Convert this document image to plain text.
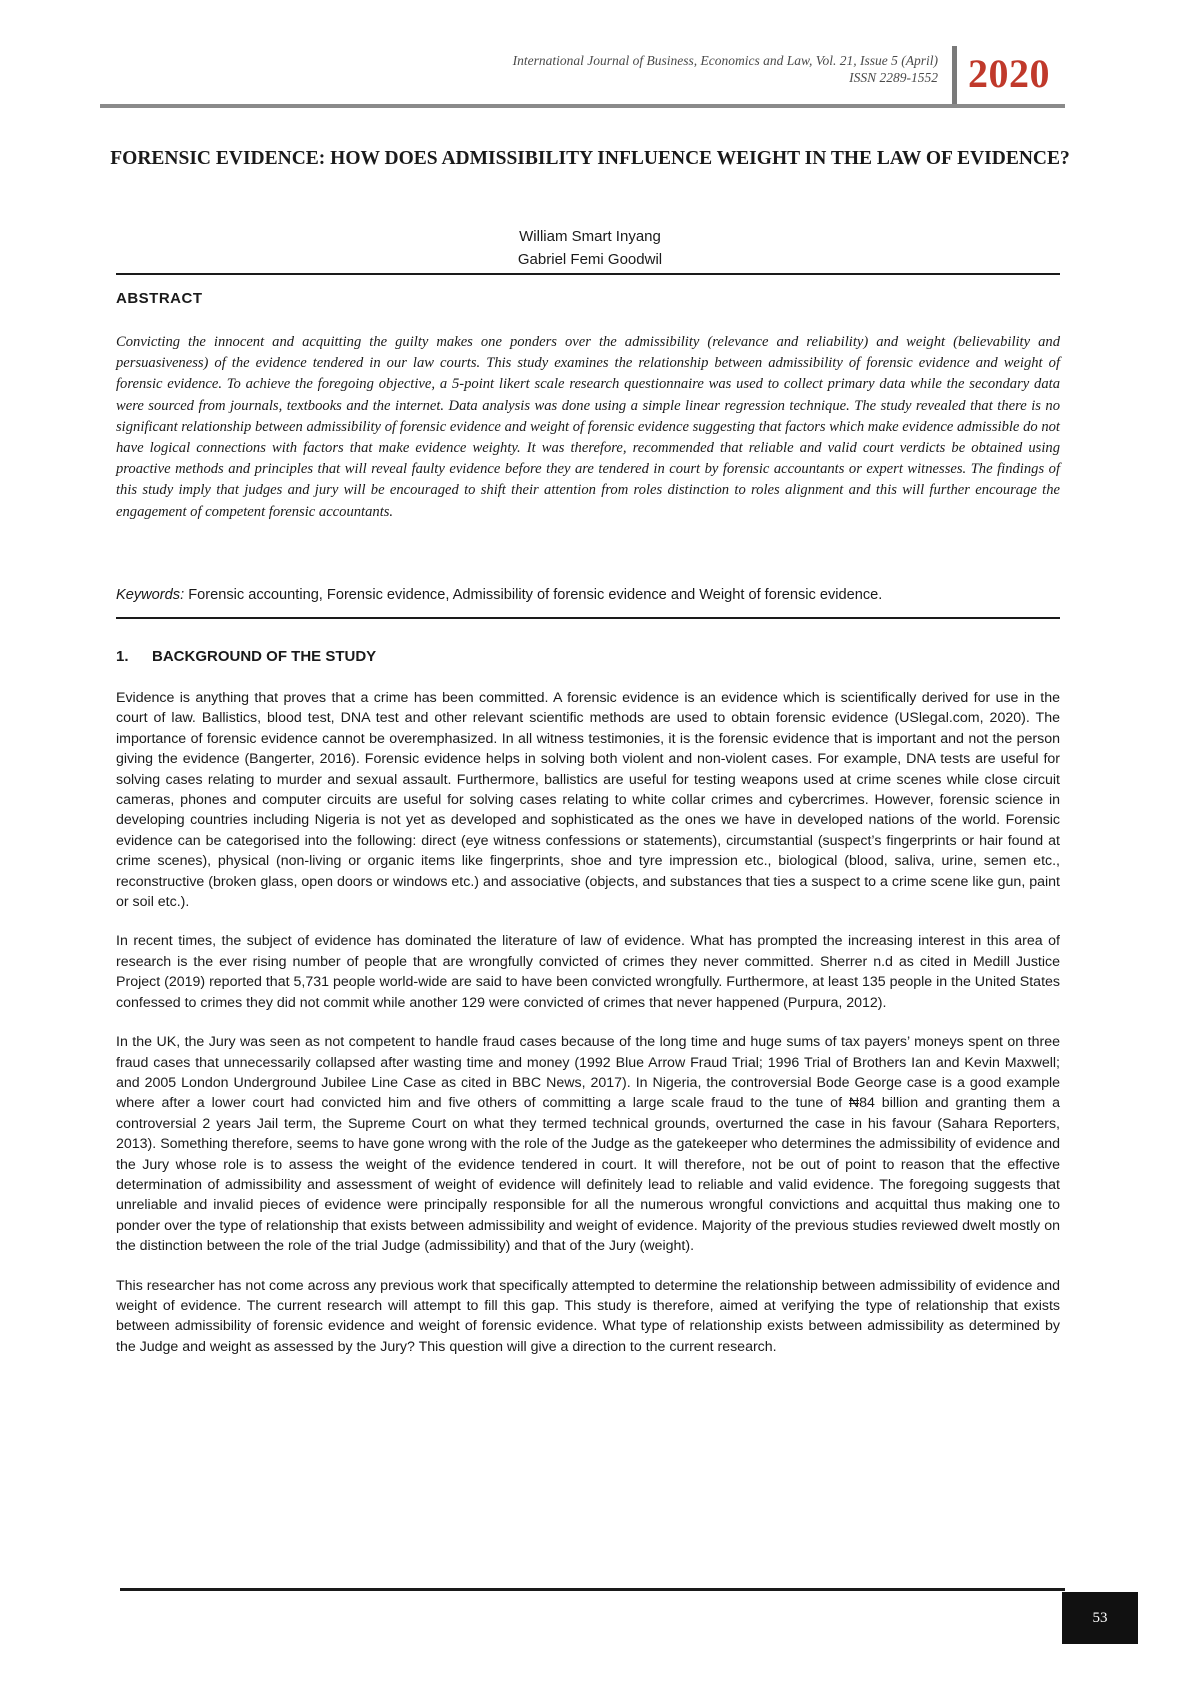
International Journal of Business, Economics and Law, Vol. 21, Issue 5 (April)
ISSN 2289-1552 2020
FORENSIC EVIDENCE: HOW DOES ADMISSIBILITY INFLUENCE WEIGHT IN THE LAW OF EVIDENCE?
William Smart Inyang
Gabriel Femi Goodwil
ABSTRACT
Convicting the innocent and acquitting the guilty makes one ponders over the admissibility (relevance and reliability) and weight (believability and persuasiveness) of the evidence tendered in our law courts. This study examines the relationship between admissibility of forensic evidence and weight of forensic evidence. To achieve the foregoing objective, a 5-point likert scale research questionnaire was used to collect primary data while the secondary data were sourced from journals, textbooks and the internet. Data analysis was done using a simple linear regression technique. The study revealed that there is no significant relationship between admissibility of forensic evidence and weight of forensic evidence suggesting that factors which make evidence admissible do not have logical connections with factors that make evidence weighty. It was therefore, recommended that reliable and valid court verdicts be obtained using proactive methods and principles that will reveal faulty evidence before they are tendered in court by forensic accountants or expert witnesses. The findings of this study imply that judges and jury will be encouraged to shift their attention from roles distinction to roles alignment and this will further encourage the engagement of competent forensic accountants.
Keywords: Forensic accounting, Forensic evidence, Admissibility of forensic evidence and Weight of forensic evidence.
1. BACKGROUND OF THE STUDY

Evidence is anything that proves that a crime has been committed. A forensic evidence is an evidence which is scientifically derived for use in the court of law. Ballistics, blood test, DNA test and other relevant scientific methods are used to obtain forensic evidence (USlegal.com, 2020). The importance of forensic evidence cannot be overemphasized. In all witness testimonies, it is the forensic evidence that is important and not the person giving the evidence (Bangerter, 2016). Forensic evidence helps in solving both violent and non-violent cases. For example, DNA tests are useful for solving cases relating to murder and sexual assault. Furthermore, ballistics are useful for testing weapons used at crime scenes while close circuit cameras, phones and computer circuits are useful for solving cases relating to white collar crimes and cybercrimes. However, forensic science in developing countries including Nigeria is not yet as developed and sophisticated as the ones we have in developed nations of the world. Forensic evidence can be categorised into the following: direct (eye witness confessions or statements), circumstantial (suspect’s fingerprints or hair found at crime scenes), physical (non-living or organic items like fingerprints, shoe and tyre impression etc., biological (blood, saliva, urine, semen etc., reconstructive (broken glass, open doors or windows etc.) and associative (objects, and substances that ties a suspect to a crime scene like gun, paint or soil etc.).

In recent times, the subject of evidence has dominated the literature of law of evidence. What has prompted the increasing interest in this area of research is the ever rising number of people that are wrongfully convicted of crimes they never committed. Sherrer n.d as cited in Medill Justice Project (2019) reported that 5,731 people world-wide are said to have been convicted wrongfully. Furthermore, at least 135 people in the United States confessed to crimes they did not commit while another 129 were convicted of crimes that never happened (Purpura, 2012).

In the UK, the Jury was seen as not competent to handle fraud cases because of the long time and huge sums of tax payers’ moneys spent on three fraud cases that unnecessarily collapsed after wasting time and money (1992 Blue Arrow Fraud Trial; 1996 Trial of Brothers Ian and Kevin Maxwell; and 2005 London Underground Jubilee Line Case as cited in BBC News, 2017). In Nigeria, the controversial Bode George case is a good example where after a lower court had convicted him and five others of committing a large scale fraud to the tune of ₦84 billion and granting them a controversial 2 years Jail term, the Supreme Court on what they termed technical grounds, overturned the case in his favour (Sahara Reporters, 2013). Something therefore, seems to have gone wrong with the role of the Judge as the gatekeeper who determines the admissibility of evidence and the Jury whose role is to assess the weight of the evidence tendered in court. It will therefore, not be out of point to reason that the effective determination of admissibility and assessment of weight of evidence will definitely lead to reliable and valid evidence. The foregoing suggests that unreliable and invalid pieces of evidence were principally responsible for all the numerous wrongful convictions and acquittal thus making one to ponder over the type of relationship that exists between admissibility and weight of evidence. Majority of the previous studies reviewed dwelt mostly on the distinction between the role of the trial Judge (admissibility) and that of the Jury (weight).

This researcher has not come across any previous work that specifically attempted to determine the relationship between admissibility of evidence and weight of evidence. The current research will attempt to fill this gap. This study is therefore, aimed at verifying the type of relationship that exists between admissibility of forensic evidence and weight of forensic evidence. What type of relationship exists between admissibility as determined by the Judge and weight as assessed by the Jury? This question will give a direction to the current research.

53
